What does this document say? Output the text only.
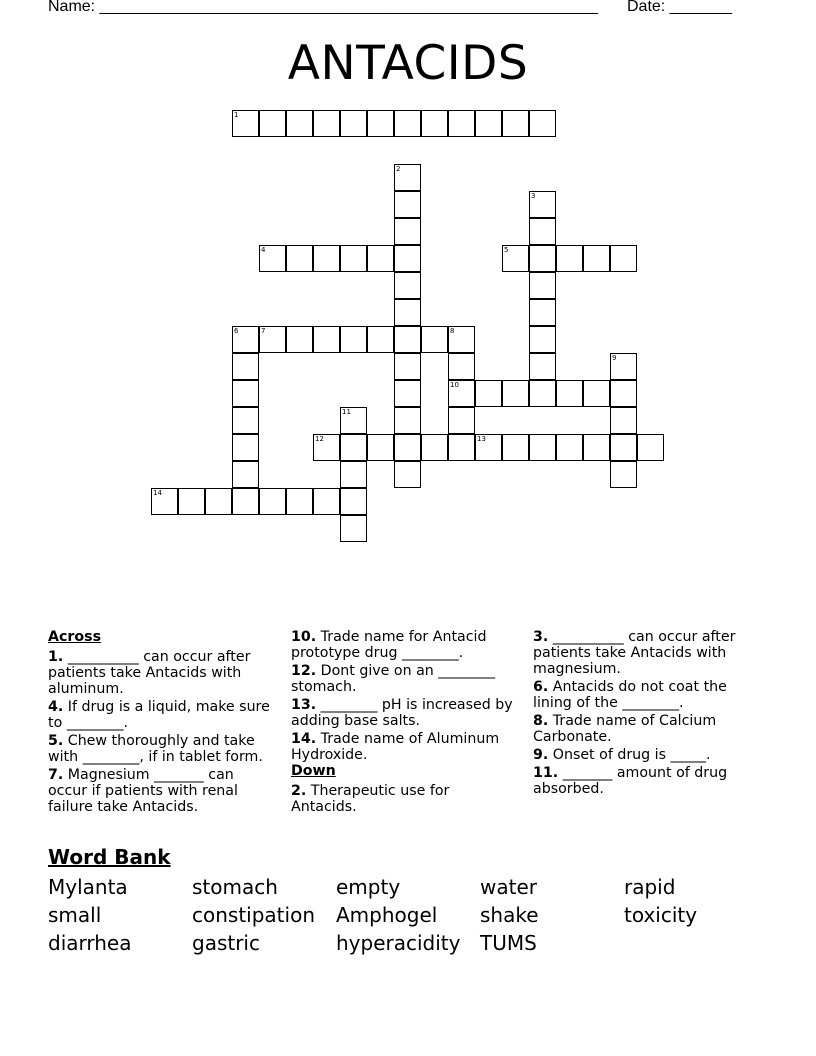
Name: ________________________________________________________ Date: _______
ANTACIDS
1
2
3
4	5
6	7	8
10
9
11
12	13
14
Across

1. __________ can occur after patients take Antacids with aluminum.

4. If drug is a liquid, make sure to ________.

5. Chew thoroughly and take with ________, if in tablet form.

7. Magnesium _______ can occur if patients with renal failure take Antacids.

10. Trade name for Antacid prototype drug ________.

12. Dont give on an ________ stomach.

13. ________ pH is increased by adding base salts.

14. Trade name of Aluminum Hydroxide.

Down

2. Therapeutic use for Antacids.

3. __________ can occur after patients take Antacids with magnesium.

6. Antacids do not coat the lining of the ________.

8. Trade name of Calcium Carbonate.

9. Onset of drug is _____.

11. _______ amount of drug absorbed.

Word Bank
Mylanta	stomach	empty	water	rapid
small	constipation Amphogel shake	toxicity
diarrhea	gastric	hyperacidity TUMS
